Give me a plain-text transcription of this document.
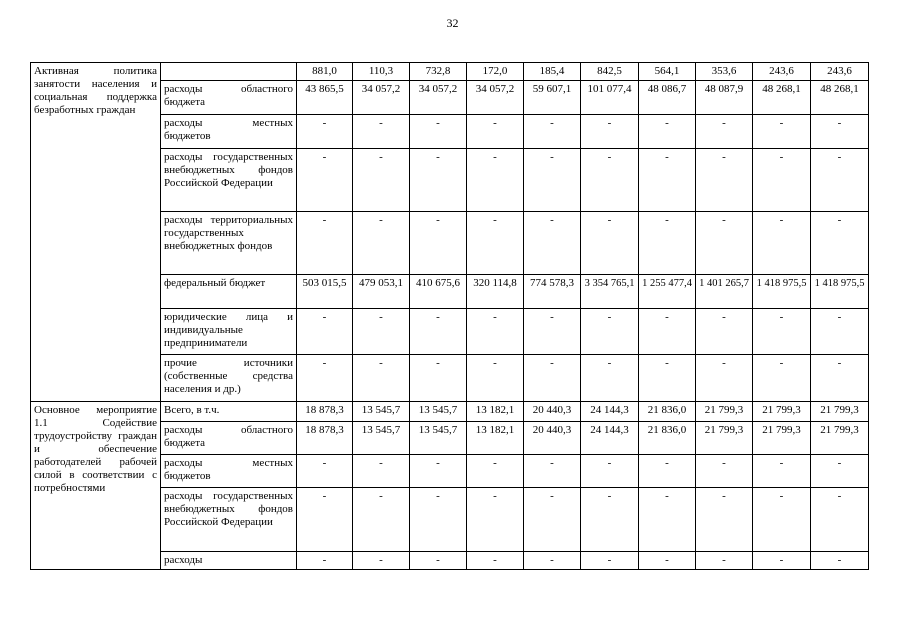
32
Активная политика занятости населения и социальная поддержка безработных граждан		881,0	110,3	732,8	172,0	185,4	842,5	564,1	353,6	243,6	243,6
	расходы областного бюджета	43 865,5	34 057,2	34 057,2	34 057,2	59 607,1	101 077,4	48 086,7	48 087,9	48 268,1	48 268,1
	расходы местных бюджетов	-	-	-	-	-	-	-	-	-	-
	расходы государственных внебюджетных фондов Российской Федерации	-	-	-	-	-	-	-	-	-	-
	расходы территориальных государственных внебюджетных фондов	-	-	-	-	-	-	-	-	-	-
	федеральный бюджет	503 015,5	479 053,1	410 675,6	320 114,8	774 578,3	3 354 765,1	1 255 477,4	1 401 265,7	1 418 975,5	1 418 975,5
	юридические лица и индивидуальные предприниматели	-	-	-	-	-	-	-	-	-	-
	прочие источники (собственные средства населения и др.)	-	-	-	-	-	-	-	-	-	-
Основное мероприятие 1.1 Содействие трудоустройству граждан и обеспечение работодателей рабочей силой в соответствии с потребностями	Всего, в т.ч.	18 878,3	13 545,7	13 545,7	13 182,1	20 440,3	24 144,3	21 836,0	21 799,3	21 799,3	21 799,3
	расходы областного бюджета	18 878,3	13 545,7	13 545,7	13 182,1	20 440,3	24 144,3	21 836,0	21 799,3	21 799,3	21 799,3
	расходы местных бюджетов	-	-	-	-	-	-	-	-	-	-
	расходы государственных внебюджетных фондов Российской Федерации	-	-	-	-	-	-	-	-	-	-
	расходы	-	-	-	-	-	-	-	-	-	-
